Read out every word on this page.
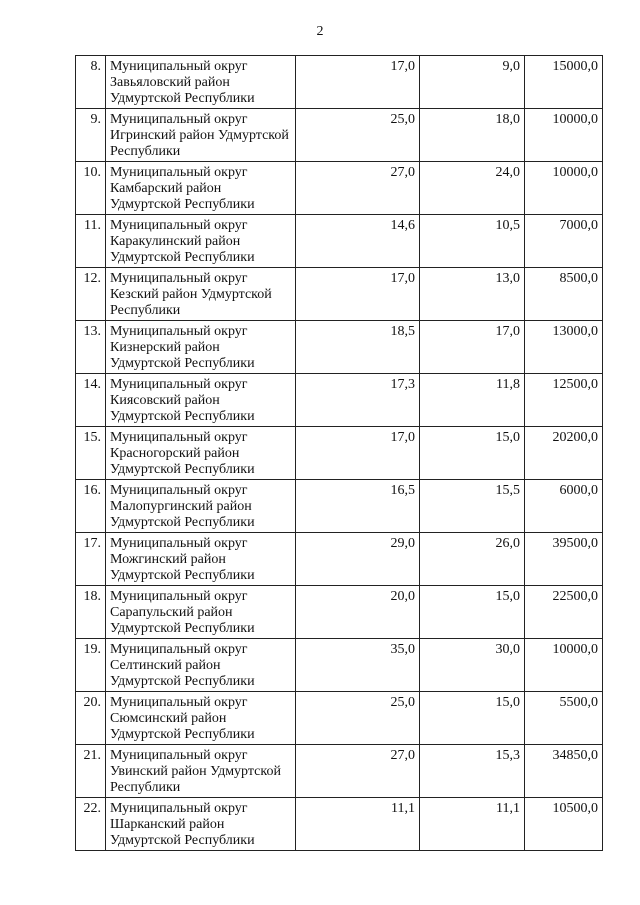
2
8.	Муниципальный округ Завьяловский район Удмуртской Республики	17,0	9,0	15000,0
9.	Муниципальный округ Игринский район Удмуртской Республики	25,0	18,0	10000,0
10.	Муниципальный округ Камбарский район Удмуртской Республики	27,0	24,0	10000,0
11.	Муниципальный округ Каракулинский район Удмуртской Республики	14,6	10,5	7000,0
12.	Муниципальный округ Кезский район Удмуртской Республики	17,0	13,0	8500,0
13.	Муниципальный округ Кизнерский район Удмуртской Республики	18,5	17,0	13000,0
14.	Муниципальный округ Киясовский район Удмуртской Республики	17,3	11,8	12500,0
15.	Муниципальный округ Красногорский район Удмуртской Республики	17,0	15,0	20200,0
16.	Муниципальный округ Малопургинский район Удмуртской Республики	16,5	15,5	6000,0
17.	Муниципальный округ Можгинский район Удмуртской Республики	29,0	26,0	39500,0
18.	Муниципальный округ Сарапульский район Удмуртской Республики	20,0	15,0	22500,0
19.	Муниципальный округ Селтинский район Удмуртской Республики	35,0	30,0	10000,0
20.	Муниципальный округ Сюмсинский район Удмуртской Республики	25,0	15,0	5500,0
21.	Муниципальный округ Увинский район Удмуртской Республики	27,0	15,3	34850,0
22.	Муниципальный округ Шарканский район Удмуртской Республики	11,1	11,1	10500,0
